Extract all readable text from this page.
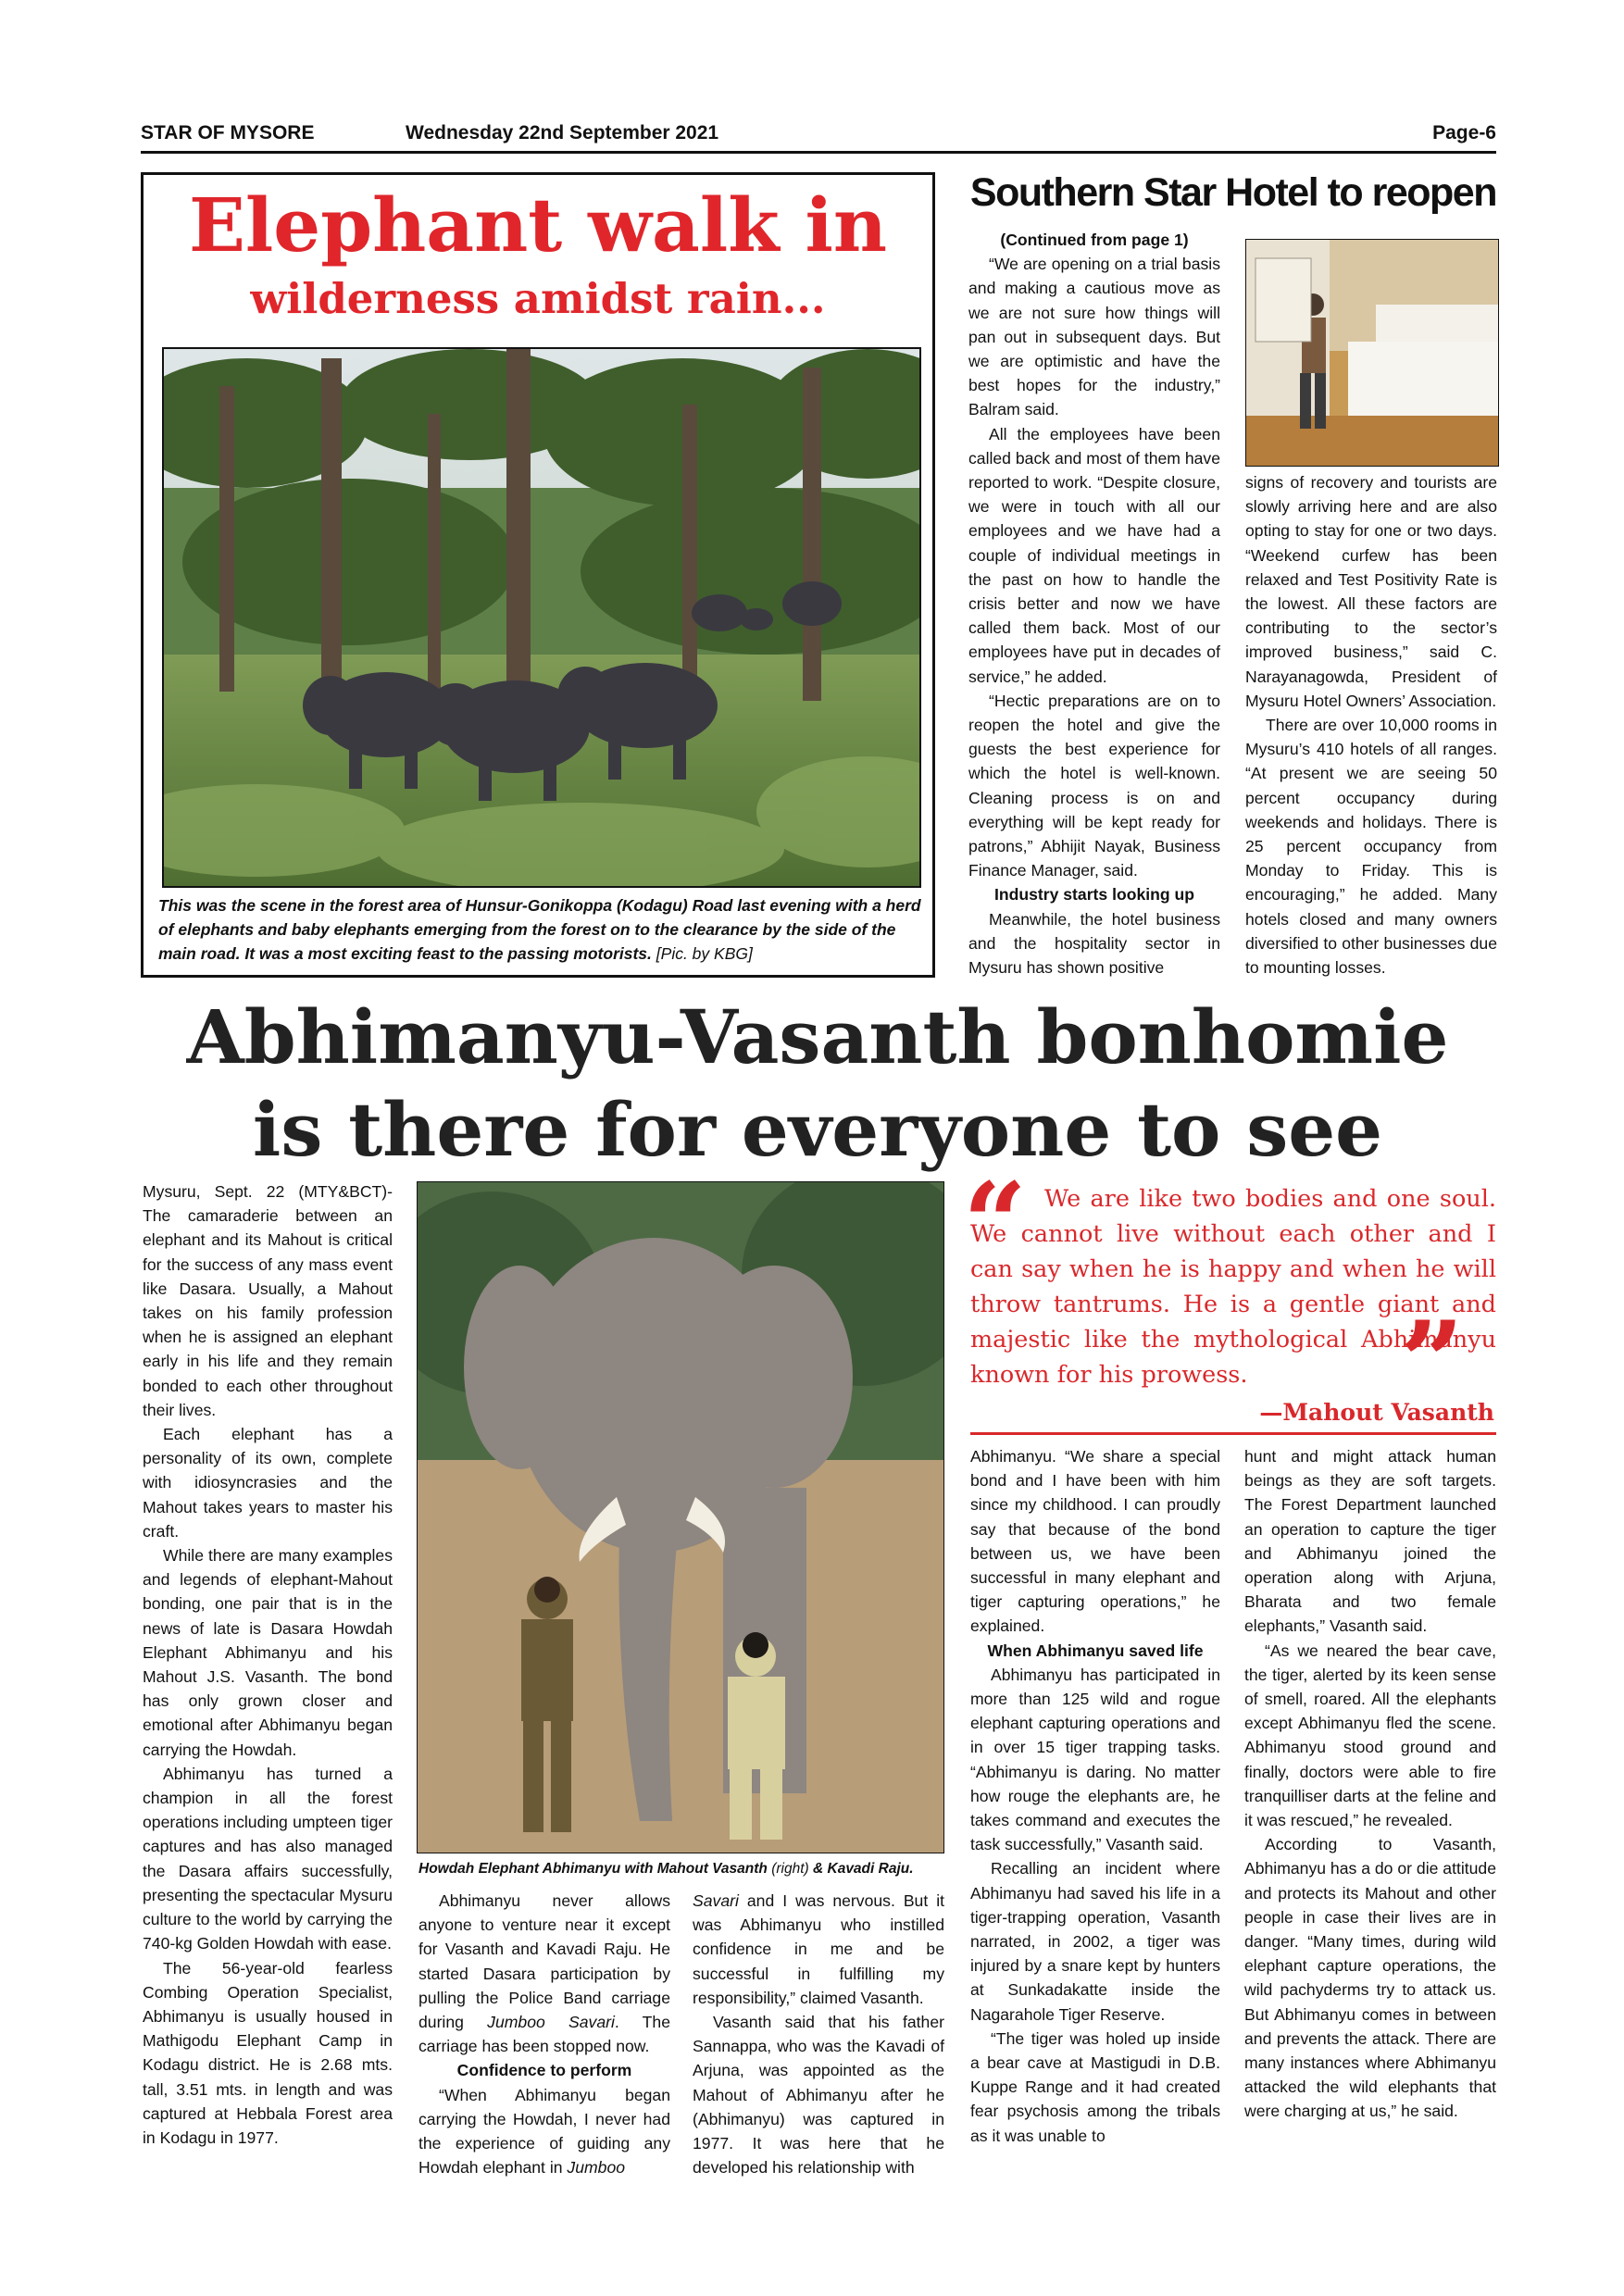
STAR OF MYSORE	Wednesday 22nd September 2021	Page-6
Elephant walk in
wilderness amidst rain...
This was the scene in the forest area of Hunsur-Gonikoppa (Kodagu) Road last evening with a herd of elephants and baby elephants emerging from the forest on to the clearance by the side of the main road. It was a most exciting feast to the passing motorists. [Pic. by KBG]
Southern Star Hotel to reopen

(Continued from page 1)

“We are opening on a trial basis and making a cautious move as we are not sure how things will pan out in subsequent days. But we are optimistic and have the best hopes for the industry,” Balram said.

All the employees have been called back and most of them have reported to work. “Despite closure, we were in touch with all our employees and we have had a couple of individual meetings in the past on how to handle the crisis better and now we have called them back. Most of our employees have put in decades of service,” he added.

“Hectic preparations are on to reopen the hotel and give the guests the best experience for which the hotel is well-known. Cleaning process is on and everything will be kept ready for patrons,” Abhijit Nayak, Business Finance Manager, said.

Industry starts looking up

Meanwhile, the hotel business and the hospitality sector in Mysuru has shown positive

signs of recovery and tourists are slowly arriving here and are also opting to stay for one or two days. “Weekend curfew has been relaxed and Test Positivity Rate is the lowest. All these factors are contributing to the sector’s improved business,” said C. Narayanagowda, President of Mysuru Hotel Owners’ Association.

There are over 10,000 rooms in Mysuru’s 410 hotels of all ranges. “At present we are seeing 50 percent occupancy during weekends and holidays. There is 25 percent occupancy from Monday to Friday. This is encouraging,” he added. Many hotels closed and many owners diversified to other businesses due to mounting losses.

Abhimanyu-Vasanth bonhomie
is there for everyone to see

Mysuru, Sept. 22 (MTY&BCT)- The camaraderie between an elephant and its Mahout is critical for the success of any mass event like Dasara. Usually, a Mahout takes on his family profession when he is assigned an elephant early in his life and they remain bonded to each other throughout their lives.

Each elephant has a personality of its own, complete with idiosyncrasies and the Mahout takes years to master his craft.

While there are many examples and legends of elephant-Mahout bonding, one pair that is in the news of late is Dasara Howdah Elephant Abhimanyu and his Mahout J.S. Vasanth. The bond has only grown closer and emotional after Abhimanyu began carrying the Howdah.

Abhimanyu has turned a champion in all the forest operations including umpteen tiger captures and has also managed the Dasara affairs successfully, presenting the spectacular Mysuru culture to the world by carrying the 740-kg Golden Howdah with ease.

The 56-year-old fearless Combing Operation Specialist, Abhimanyu is usually housed in Mathigodu Elephant Camp in Kodagu district. He is 2.68 mts. tall, 3.51 mts. in length and was captured at Hebbala Forest area in Kodagu in 1977.

Howdah Elephant Abhimanyu with Mahout Vasanth (right) & Kavadi Raju.

Abhimanyu never allows anyone to venture near it except for Vasanth and Kavadi Raju. He started Dasara participation by pulling the Police Band carriage during Jumboo Savari. The carriage has been stopped now.

Confidence to perform

“When Abhimanyu began carrying the Howdah, I never had the experience of guiding any Howdah elephant in Jumboo

Savari and I was nervous. But it was Abhimanyu who instilled confidence in me and be successful in fulfilling my responsibility,” claimed Vasanth.

Vasanth said that his father Sannappa, who was the Kavadi of Arjuna, was appointed as the Mahout of Abhimanyu after he (Abhimanyu) was captured in 1977. It was here that he developed his relationship with

“
”
We are like two bodies and one soul. We cannot live without each other and I can say when he is happy and when he will throw tantrums. He is a gentle giant and majestic like the mythological Abhimanyu known for his prowess.
—Mahout Vasanth

Abhimanyu. “We share a special bond and I have been with him since my childhood. I can proudly say that because of the bond between us, we have been successful in many elephant and tiger capturing operations,” he explained.

When Abhimanyu saved life

Abhimanyu has participated in more than 125 wild and rogue elephant capturing operations and in over 15 tiger trapping tasks. “Abhimanyu is daring. No matter how rouge the elephants are, he takes command and executes the task successfully,” Vasanth said.

Recalling an incident where Abhimanyu had saved his life in a tiger-trapping operation, Vasanth narrated, in 2002, a tiger was injured by a snare kept by hunters at Sunkadakatte inside the Nagarahole Tiger Reserve.

“The tiger was holed up inside a bear cave at Mastigudi in D.B. Kuppe Range and it had created fear psychosis among the tribals as it was unable to

hunt and might attack human beings as they are soft targets. The Forest Department launched an operation to capture the tiger and Abhimanyu joined the operation along with Arjuna, Bharata and two female elephants,” Vasanth said.

“As we neared the bear cave, the tiger, alerted by its keen sense of smell, roared. All the elephants except Abhimanyu fled the scene. Abhimanyu stood ground and finally, doctors were able to fire tranquilliser darts at the feline and it was rescued,” he revealed.

According to Vasanth, Abhimanyu has a do or die attitude and protects its Mahout and other people in case their lives are in danger. “Many times, during wild elephant capture operations, the wild pachyderms try to attack us. But Abhimanyu comes in between and prevents the attack. There are many instances where Abhimanyu attacked the wild elephants that were charging at us,” he said.
